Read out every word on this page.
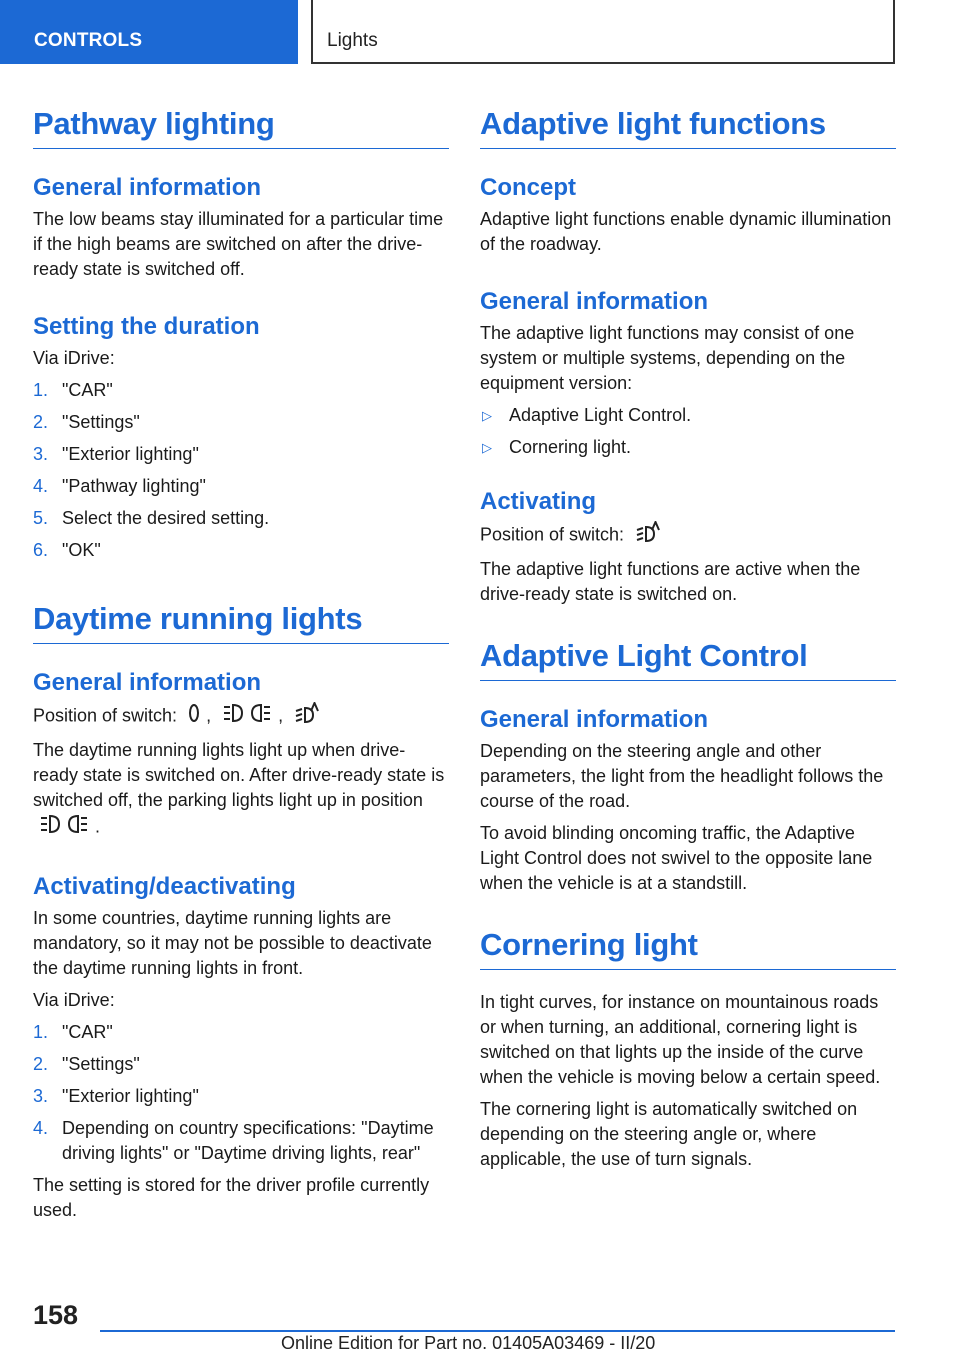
CONTROLS	Lights
Pathway lighting
General information

The low beams stay illuminated for a particular time if the high beams are switched on after the drive-ready state is switched off.

Setting the duration

Via iDrive:

1. "CAR"
2. "Settings"
3. "Exterior lighting"
4. "Pathway lighting"
5. Select the desired setting.
6. "OK"
Daytime running lights
General information

Position of switch: ,	,

The daytime running lights light up when drive-ready state is switched on. After drive-ready state is switched off, the parking lights light up in position .

Activating/deactivating

In some countries, daytime running lights are mandatory, so it may not be possible to deactivate the daytime running lights in front.

Via iDrive:

1. "CAR"
2. "Settings"
3. "Exterior lighting"
4. Depending on country specifications: "Daytime driving lights" or "Daytime driving lights, rear"

The setting is stored for the driver profile currently used.

Adaptive light functions
Concept

Adaptive light functions enable dynamic illumination of the roadway.

General information

The adaptive light functions may consist of one system or multiple systems, depending on the equipment version:

▷ Adaptive Light Control.
▷ Cornering light.
Activating

Position of switch:

The adaptive light functions are active when the drive-ready state is switched on.

Adaptive Light Control
General information

Depending on the steering angle and other parameters, the light from the headlight follows the course of the road.

To avoid blinding oncoming traffic, the Adaptive Light Control does not swivel to the opposite lane when the vehicle is at a standstill.

Cornering light

In tight curves, for instance on mountainous roads or when turning, an additional, cornering light is switched on that lights up the inside of the curve when the vehicle is moving below a certain speed.

The cornering light is automatically switched on depending on the steering angle or, where applicable, the use of turn signals.

158
Online Edition for Part no. 01405A03469 - II/20
